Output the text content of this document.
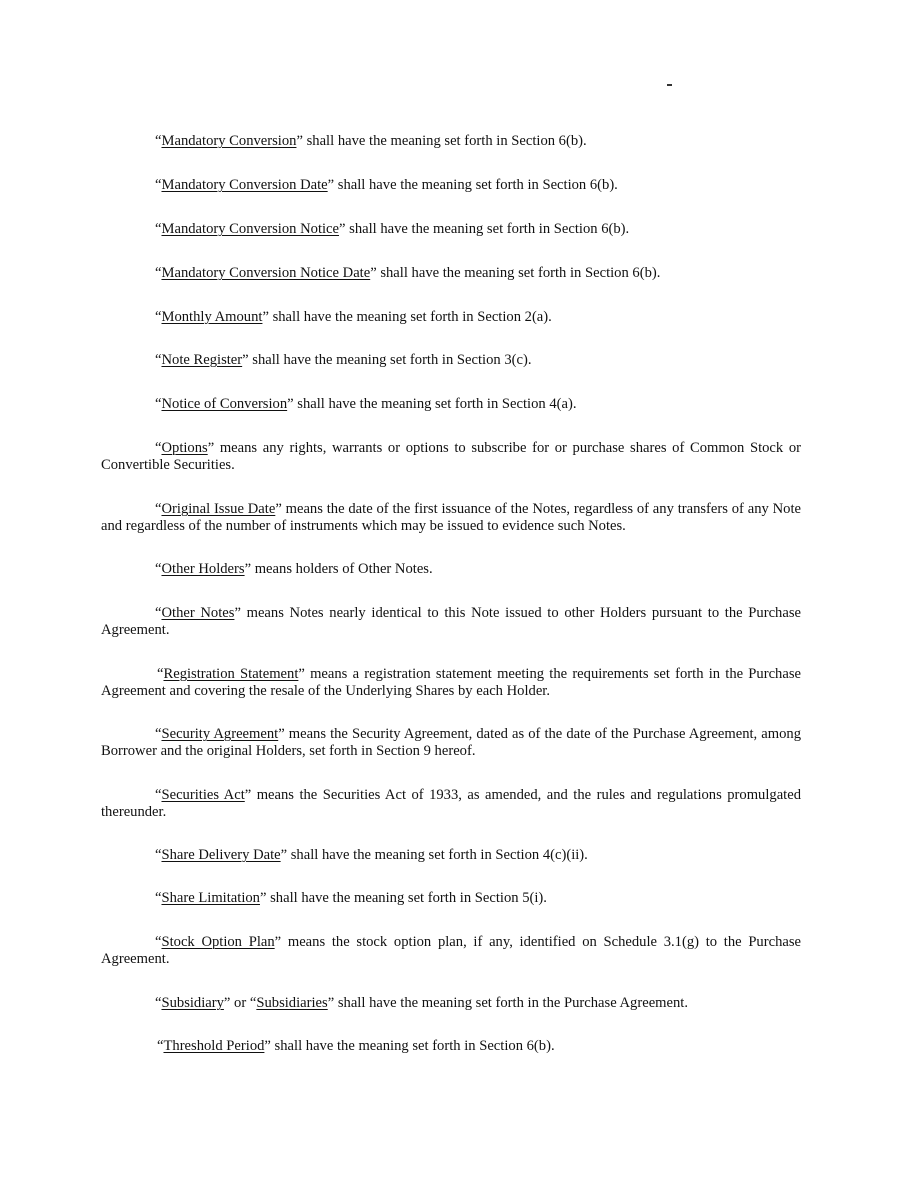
“Mandatory Conversion” shall have the meaning set forth in Section 6(b).

“Mandatory Conversion Date” shall have the meaning set forth in Section 6(b).

“Mandatory Conversion Notice” shall have the meaning set forth in Section 6(b).

“Mandatory Conversion Notice Date” shall have the meaning set forth in Section 6(b).

“Monthly Amount” shall have the meaning set forth in Section 2(a).

“Note Register” shall have the meaning set forth in Section 3(c).

“Notice of Conversion” shall have the meaning set forth in Section 4(a).

“Options” means any rights, warrants or options to subscribe for or purchase shares of Common Stock or Convertible Securities.

“Original Issue Date” means the date of the first issuance of the Notes, regardless of any transfers of any Note and regardless of the number of instruments which may be issued to evidence such Notes.

“Other Holders” means holders of Other Notes.

“Other Notes” means Notes nearly identical to this Note issued to other Holders pursuant to the Purchase Agreement.

“Registration Statement” means a registration statement meeting the requirements set forth in the Purchase Agreement and covering the resale of the Underlying Shares by each Holder.

“Security Agreement” means the Security Agreement, dated as of the date of the Purchase Agreement, among Borrower and the original Holders, set forth in Section 9 hereof.

“Securities Act” means the Securities Act of 1933, as amended, and the rules and regulations promulgated thereunder.

“Share Delivery Date” shall have the meaning set forth in Section 4(c)(ii).

“Share Limitation” shall have the meaning set forth in Section 5(i).

“Stock Option Plan” means the stock option plan, if any, identified on Schedule 3.1(g) to the Purchase Agreement.

“Subsidiary” or “Subsidiaries” shall have the meaning set forth in the Purchase Agreement.

“Threshold Period” shall have the meaning set forth in Section 6(b).
